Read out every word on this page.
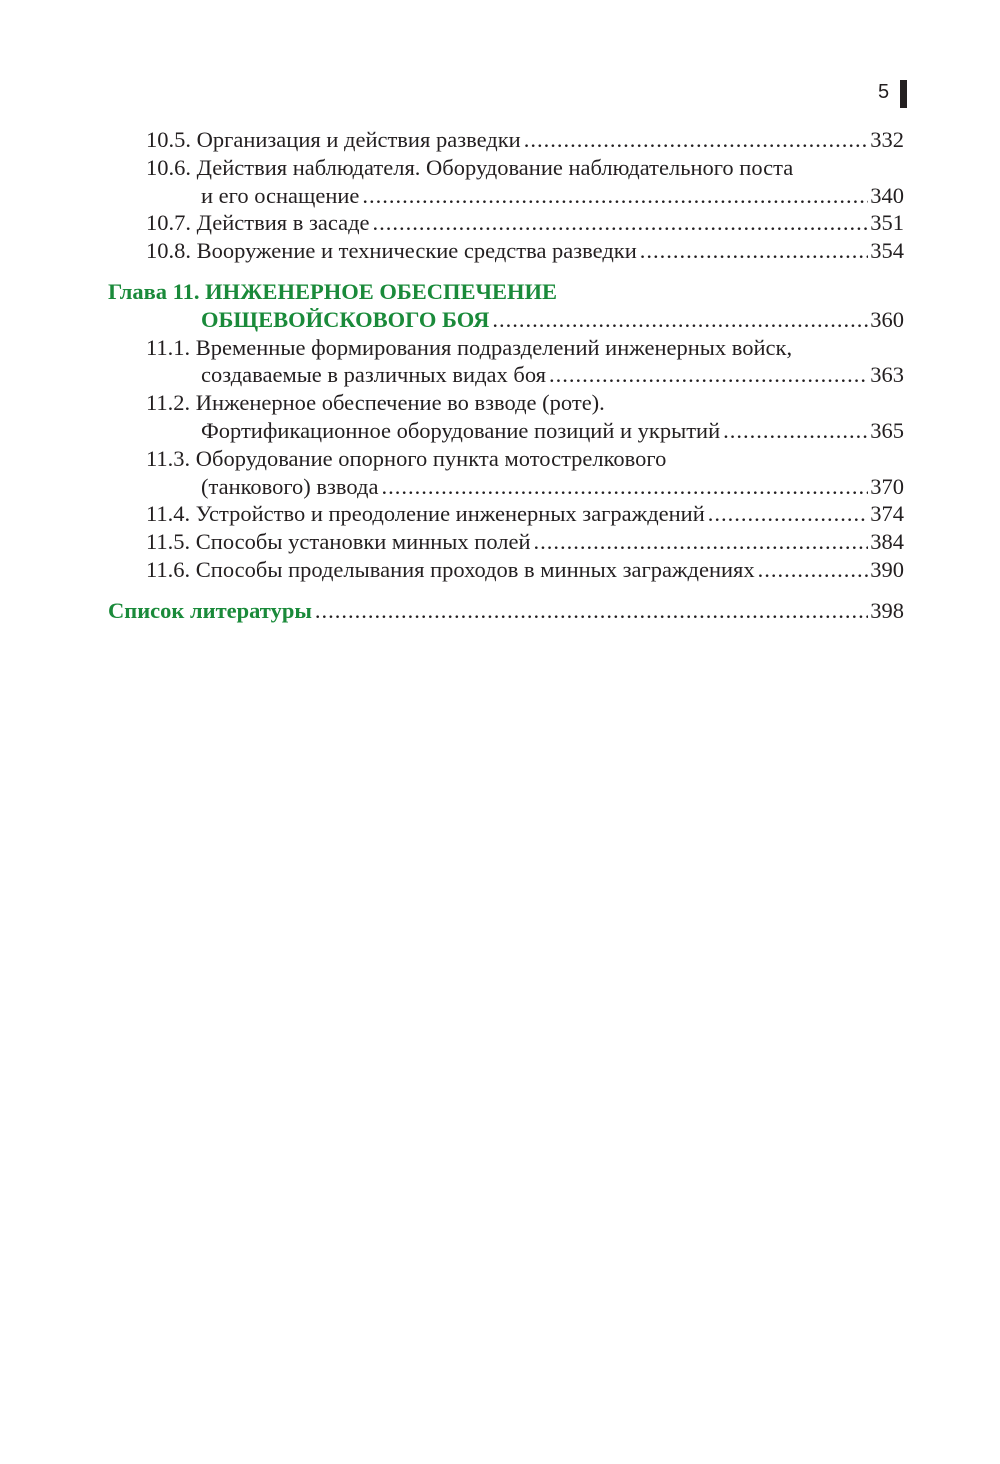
5
10.5. Организация и действия разведки .....	332
10.6. Действия наблюдателя. Оборудование наблюдательного поста
и его оснащение .....	340
10.7. Действия в засаде .....	351
10.8. Вооружение и технические средства разведки .....	354
Глава 11. ИНЖЕНЕРНОЕ ОБЕСПЕЧЕНИЕ
ОБЩЕВОЙСКОВОГО БОЯ .....	360
11.1. Временные формирования подразделений инженерных войск,
создаваемые в различных видах боя .....	363
11.2. Инженерное обеспечение во взводе (роте).
Фортификационное оборудование позиций и укрытий .....	365
11.3. Оборудование опорного пункта мотострелкового
(танкового) взвода .....	370
11.4. Устройство и преодоление инженерных заграждений .....	374
11.5. Способы установки минных полей .....	384
11.6. Способы проделывания проходов в минных заграждениях .....	390
Список литературы .....	398
